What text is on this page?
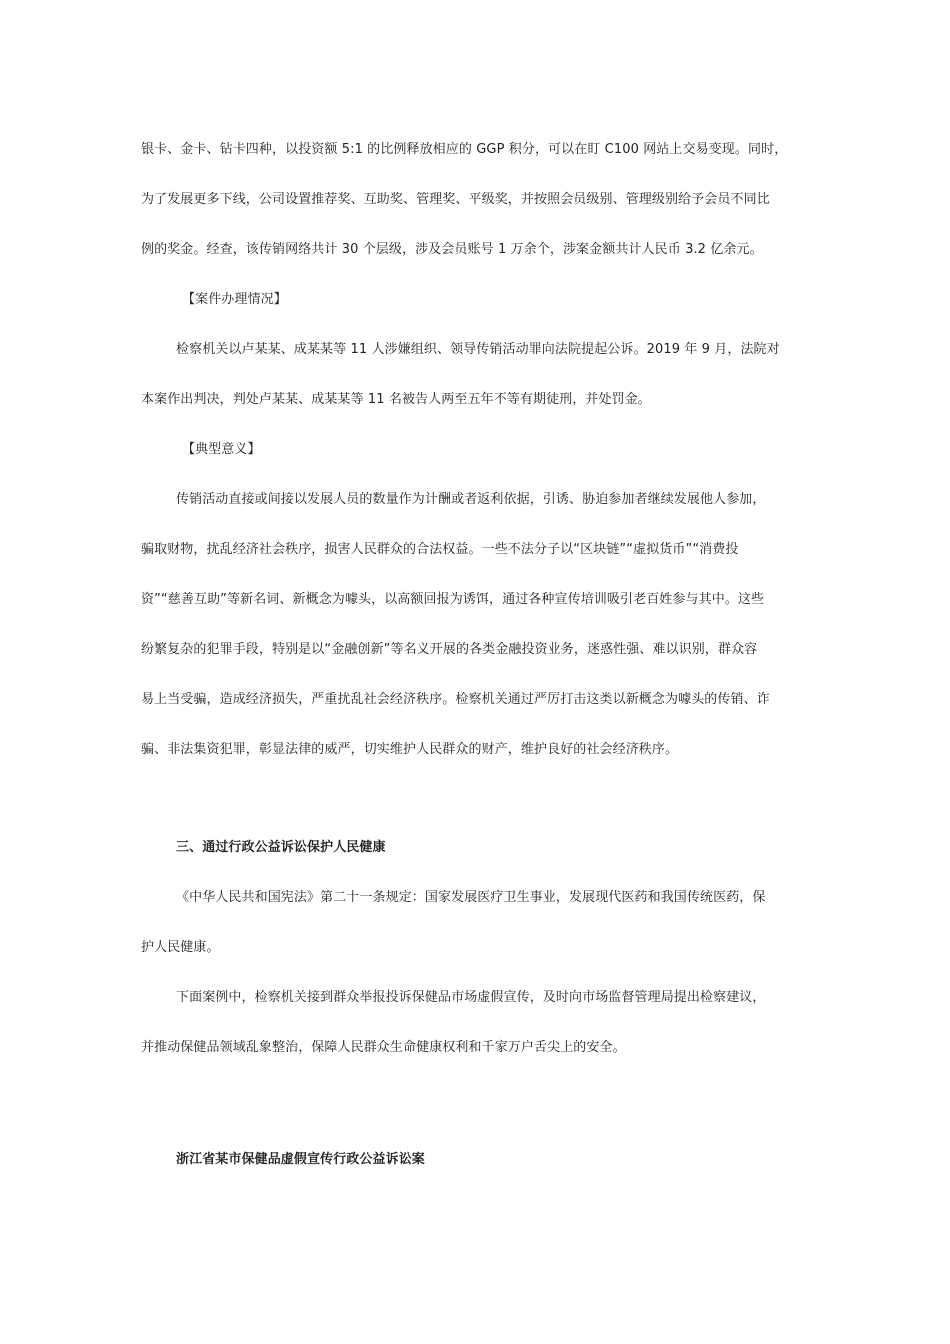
银卡、金卡、钻卡四种，以投资额 5:1 的比例释放相应的 GGP 积分，可以在盯 C100 网站上交易变现。同时，
为了发展更多下线，公司设置推荐奖、互助奖、管理奖、平级奖，并按照会员级别、管理级别给予会员不同比
例的奖金。经查，该传销网络共计 30 个层级，涉及会员账号 1 万余个，涉案金额共计人民币 3.2 亿余元。
【案件办理情况】
检察机关以卢某某、成某某等 11 人涉嫌组织、领导传销活动罪向法院提起公诉。2019 年 9 月，法院对
本案作出判决，判处卢某某、成某某等 11 名被告人两至五年不等有期徒刑，并处罚金。
【典型意义】
传销活动直接或间接以发展人员的数量作为计酬或者返利依据，引诱、胁迫参加者继续发展他人参加，
骗取财物，扰乱经济社会秩序，损害人民群众的合法权益。一些不法分子以“区块链”“虚拟货币”“消费投
资”“慈善互助”等新名词、新概念为噱头，以高额回报为诱饵，通过各种宣传培训吸引老百姓参与其中。这些
纷繁复杂的犯罪手段，特别是以“金融创新”等名义开展的各类金融投资业务，迷惑性强、难以识别，群众容
易上当受骗，造成经济损失，严重扰乱社会经济秩序。检察机关通过严厉打击这类以新概念为噱头的传销、诈
骗、非法集资犯罪，彰显法律的威严，切实维护人民群众的财产，维护良好的社会经济秩序。
三、通过行政公益诉讼保护人民健康
《中华人民共和国宪法》第二十一条规定：国家发展医疗卫生事业，发展现代医药和我国传统医药，保
护人民健康。
下面案例中，检察机关接到群众举报投诉保健品市场虚假宣传，及时向市场监督管理局提出检察建议，
并推动保健品领域乱象整治，保障人民群众生命健康权利和千家万户舌尖上的安全。
浙江省某市保健品虚假宣传行政公益诉讼案
